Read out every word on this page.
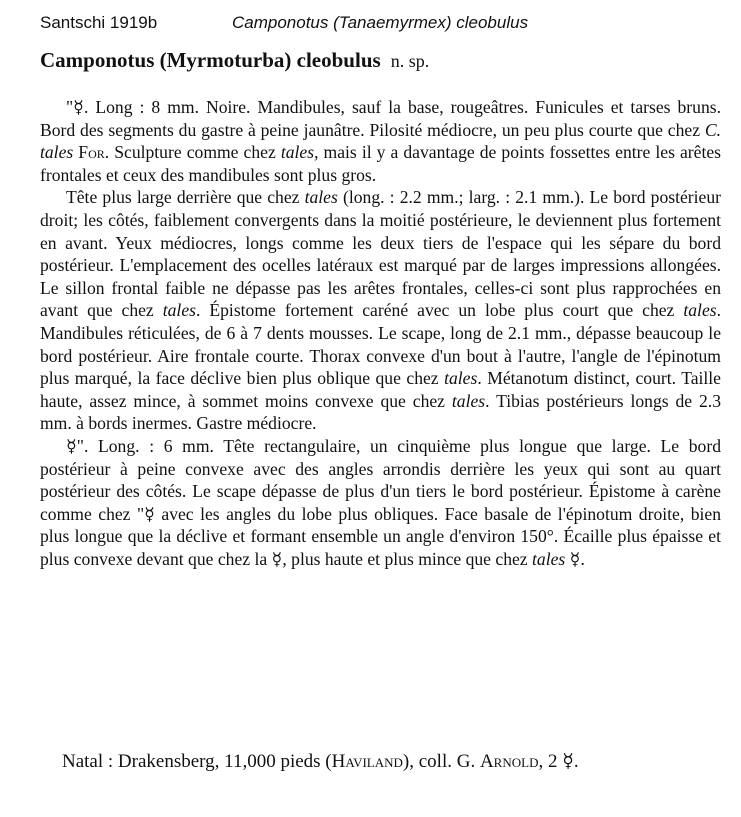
Santschi 1919b	Camponotus (Tanaemyrmex) cleobulus
Camponotus (Myrmoturba) cleobulus n. sp.

"☿. Long : 8 mm. Noire. Mandibules, sauf la base, rougeâtres. Funicules et tarses bruns. Bord des segments du gastre à peine jaunâtre. Pilosité médiocre, un peu plus courte que chez C. tales For. Sculpture comme chez tales, mais il y a davantage de points fossettes entre les arêtes frontales et ceux des mandibules sont plus gros.

Tête plus large derrière que chez tales (long. : 2.2 mm.; larg. : 2.1 mm.). Le bord postérieur droit; les côtés, faiblement convergents dans la moitié postérieure, le deviennent plus fortement en avant. Yeux médiocres, longs comme les deux tiers de l'espace qui les sépare du bord postérieur. L'emplacement des ocelles latéraux est marqué par de larges impressions allongées. Le sillon frontal faible ne dépasse pas les arêtes frontales, celles-ci sont plus rapprochées en avant que chez tales. Épistome fortement caréné avec un lobe plus court que chez tales. Mandibules réticulées, de 6 à 7 dents mousses. Le scape, long de 2.1 mm., dépasse beaucoup le bord postérieur. Aire frontale courte. Thorax convexe d'un bout à l'autre, l'angle de l'épinotum plus marqué, la face déclive bien plus oblique que chez tales. Métanotum distinct, court. Taille haute, assez mince, à sommet moins convexe que chez tales. Tibias postérieurs longs de 2.3 mm. à bords inermes. Gastre médiocre.

☿". Long. : 6 mm. Tête rectangulaire, un cinquième plus longue que large. Le bord postérieur à peine convexe avec des angles arrondis derrière les yeux qui sont au quart postérieur des côtés. Le scape dépasse de plus d'un tiers le bord postérieur. Épistome à carène comme chez "☿ avec les angles du lobe plus obliques. Face basale de l'épinotum droite, bien plus longue que la déclive et formant ensemble un angle d'environ 150°. Écaille plus épaisse et plus convexe devant que chez la ☿, plus haute et plus mince que chez tales ☿.

Natal : Drakensberg, 11,000 pieds (Haviland), coll. G. Arnold, 2 ☿.
